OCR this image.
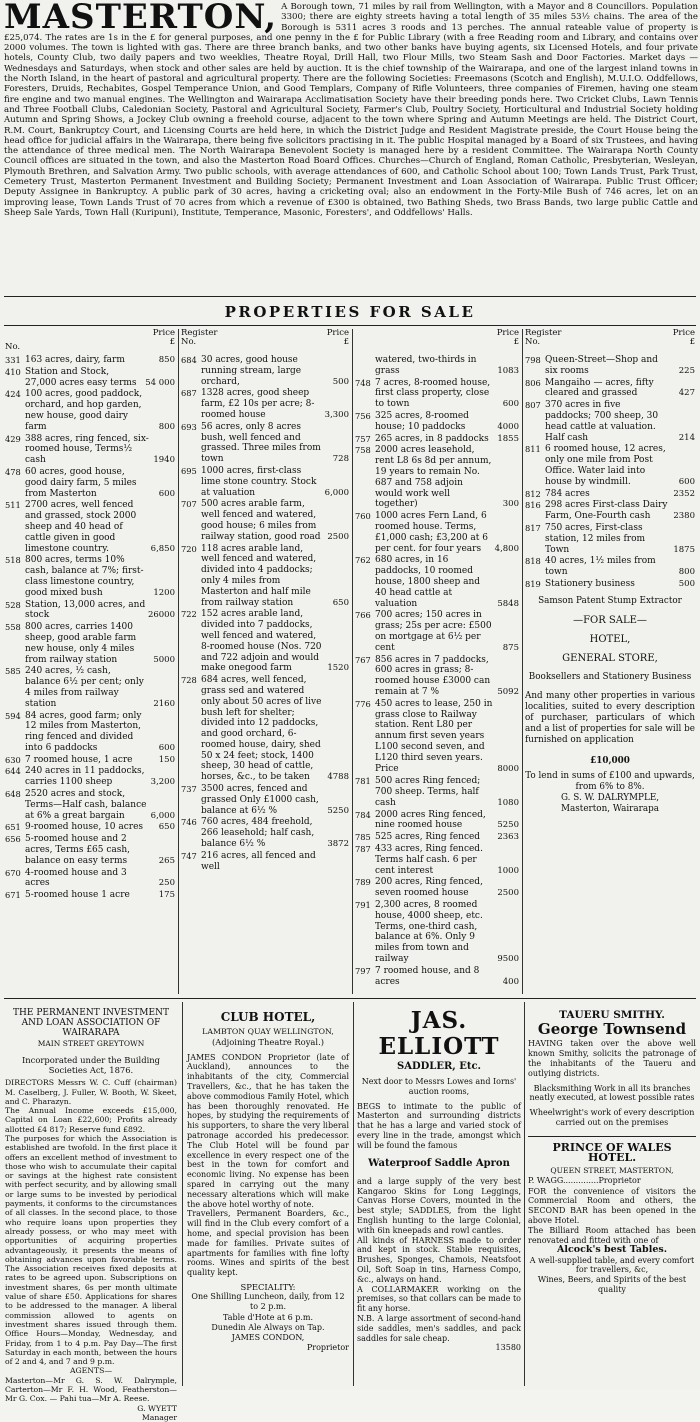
MASTERTON, A Borough town, 71 miles by rail from Wellington, with a Mayor and 8 Councillors. Population 3300; there are eighty streets having a total length of 35 miles 53½ chains. The area of the Borough is 5311 acres 3 roods and 13 perches. The annual rateable value of property is £25,074. The rates are 1s in the £ for general purposes, and one penny in the £ for Public Library (with a free Reading room and Library, and contains over 2000 volumes. The town is lighted with gas. There are three branch banks, and two other banks have buying agents, six Licensed Hotels, and four private hotels, County Club, two daily papers and two weeklies, Theatre Royal, Drill Hall, two Flour Mills, two Steam Sash and Door Factories. Market days — Wednesdays and Saturdays, when stock and other sales are held by auction. It is the chief township of the Wairarapa, and one of the largest inland towns in the North Island, in the heart of pastoral and agricultural property. There are the following Societies: Freemasons (Scotch and English), M.U.I.O. Oddfellows, Foresters, Druids, Rechabites, Gospel Temperance Union, and Good Templars, Company of Rifle Volunteers, three companies of Firemen, having one steam fire engine and two manual engines. The Wellington and Wairarapa Acclimatisation Society have their breeding ponds here. Two Cricket Clubs, Lawn Tennis and Three Football Clubs, Caledonian Society, Pastoral and Agricultural Society, Farmer's Club, Poultry Society, Horticultural and Industrial Society holding Autumn and Spring Shows, a Jockey Club owning a freehold course, adjacent to the town where Spring and Autumn Meetings are held. The District Court, R.M. Court, Bankruptcy Court, and Licensing Courts are held here, in which the District Judge and Resident Magistrate preside, the Court House being the head office for judicial affairs in the Wairarapa, there being five solicitors practising in it. The public Hospital managed by a Board of six Trustees, and having the attendance of three medical men. The North Wairarapa Benevolent Society is managed here by a resident Committee. The Wairarapa North County Council offices are situated in the town, and also the Masterton Road Board Offices. Churches—Church of England, Roman Catholic, Presbyterian, Wesleyan, Plymouth Brethren, and Salvation Army. Two public schools, with average attendances of 600, and Catholic School about 100; Town Lands Trust, Park Trust, Cemetery Trust, Masterton Permanent Investment and Building Society; Permanent Investment and Loan Association of Wairarapa. Public Trust Officer; Deputy Assignee in Bankruptcy. A public park of 30 acres, having a cricketing oval; also an endowment in the Forty-Mile Bush of 746 acres, let on an improving lease, Town Lands Trust of 70 acres from which a revenue of £300 is obtained, two Bathing Sheds, two Brass Bands, two large public Cattle and Sheep Sale Yards, Town Hall (Kuripuni), Institute, Temperance, Masonic, Foresters', and Oddfellows' Halls.
PROPERTIES FOR SALE
No.
Price
£
331 163 acres, dairy, farm	850
410 Station and Stock, 27,000 acres easy terms	54 000
424 100 acres, good paddock, orchard, and hop garden, new house, good dairy farm	800
429 388 acres, ring fenced, six-roomed house, Terms½ cash	1940
478 60 acres, good house, good dairy farm, 5 miles from Masterton	600
511 2700 acres, well fenced and grassed, stock 2000 sheep and 40 head of cattle given in good limestone country.	6,850
518 800 acres, terms 10% cash, balance at 7%; first-class limestone country, good mixed bush	1200
528 Station, 13,000 acres, and stock	26000
558 800 acres, carries 1400 sheep, good arable farm new house, only 4 miles from railway station	5000
585 240 acres, ½ cash, balance 6½ per cent; only 4 miles from railway station	2160
594 84 acres, good farm; only 12 miles from Masterton, ring fenced and divided into 6 paddocks	600
630 7 roomed house, 1 acre	150
644 240 acres in 11 paddocks, carries 1100 sheep	3,200
648 2520 acres and stock, Terms—Half cash, balance at 6% a great bargain	6,000
651 9-roomed house, 10 acres	650
656 5-roomed house and 2 acres, Terms £65 cash, balance on easy terms	265
670 4-roomed house and 3 acres	250
671 5-roomed house 1 acre	175
Register
No.
Price
£
684 30 acres, good house running stream, large orchard,	500
687 1328 acres, good sheep farm, £2 10s per acre; 8-roomed house	3,300
693 56 acres, only 8 acres bush, well fenced and grassed. Three miles from town	728
695 1000 acres, first-class lime stone country. Stock at valuation	6,000
707 500 acres arable farm, well fenced and watered, good house; 6 miles from railway station, good road 2500
720 118 acres arable land, well fenced and watered, divided into 4 paddocks; only 4 miles from Masterton and half mile from railway station	650
722 152 acres arable land, divided into 7 paddocks, well fenced and watered, 8-roomed house (Nos. 720 and 722 adjoin and would make onegood farm	1520
728 684 acres, well fenced, grass sed and watered only about 50 acres of live bush left for shelter; divided into 12 paddocks, and good orchard, 6-roomed house, dairy, shed 50 x 24 feet; stock, 1400 sheep, 30 head of cattle, horses, &c., to be taken	4788
737 3500 acres, fenced and grassed Only £1000 cash, balance at 6½ %	5250
746 760 acres, 484 freehold, 266 leasehold; half cash, balance 6½ %	3872
747 216 acres, all fenced and well
Price
£
watered, two-thirds in grass	1083
748 7 acres, 8-roomed house, first class property, close to town	600
756 325 acres, 8-roomed house; 10 paddocks	4000
757 265 acres, in 8 paddocks	1855
758 2000 acres leasehold, rent L8 6s 8d per annum, 19 years to remain No. 687 and 758 adjoin would work well together)	300
760 1000 acres Fern Land, 6 roomed house. Terms, £1,000 cash; £3,200 at 6 per cent. for four years	4,800
762 680 acres, in 16 paddocks, 10 roomed house, 1800 sheep and 40 head cattle at valuation	5848
766 700 acres; 150 acres in grass; 25s per acre: £500 on mortgage at 6½ per cent	875
767 856 acres in 7 paddocks, 600 acres in grass; 8-roomed house £3000 can remain at 7 %	5092
776 450 acres to lease, 250 in grass close to Railway station. Rent L80 per annum first seven years L100 second seven, and L120 third seven years.
Price	8000
781 500 acres Ring fenced; 700 sheep. Terms, half cash	1080
784 2000 acres Ring fenced, nine roomed house	5250
785 525 acres, Ring fenced	2363
787 433 acres, Ring fenced. Terms half cash. 6 per cent interest	1000
789 200 acres, Ring fenced, seven roomed house	2500
791 2,300 acres, 8 roomed house, 4000 sheep, etc. Terms, one-third cash, balance at 6%. Only 9 miles from town and railway	9500
797 7 roomed house, and 8 acres	400
Register
No.
Price
£
798 Queen-Street—Shop and six rooms	225
806 Mangaiho — acres, fifty cleared and grassed	427
807 370 acres in five paddocks; 700 sheep, 30 head cattle at valuation. Half cash	214
811 6 roomed house, 12 acres, only one mile from Post Office. Water laid into house by windmill.	600
812 784 acres	2352
816 298 acres First-class Dairy Farm, One-Fourth cash	2380
817 750 acres, First-class station, 12 miles from Town	1875
818 40 acres, 1½ miles from town	800
819 Stationery business	500
Samson Patent Stump Extractor
—FOR SALE—
HOTEL,
GENERAL STORE,
Booksellers and Stationery Business
And many other properties in various localities, suited to every description of purchaser, particulars of which and a list of properties for sale will be furnished on application
£10,000
To lend in sums of £100 and upwards, from 6% to 8%.
G. S. W. DALRYMPLE,
Masterton, Wairarapa
THE PERMANENT INVESTMENT AND LOAN ASSOCIATION OF WAIRARAPA
MAIN STREET GREYTOWN
Incorporated under the Building Societies Act, 1876.
DIRECTORS Messrs W. C. Cuff (chairman) M. Caselberg, J. Fuller, W. Booth, W. Skeet, and C. Pharazyn.
The Annual Income exceeds £15,000, Capital on Loan £22,600; Profits already allotted £4 817; Reserve fund £892.
The purposes for which the Association is established are twofold. In the first place it offers an excellent method of investment to those who wish to accumulate their capital or savings at the highest rate consistent with perfect security, and by allowing small or large sums to be invested by periodical payments, it conforms to the circumstances of all classes. In the second place, to those who require loans upon properties they already possess, or who may meet with opportunities of acquiring properties advantageously, it presents the means of obtaining advances upon favorable terms. The Association receives fixed deposits at rates to be agreed upon. Subscriptions on investment shares, 6s per month ultimate value of share £50. Applications for shares to be addressed to the manager. A liberal commission allowed to agents on investment shares issued through them. Office Hours—Monday, Wednesday, and Friday, from 1 to 4 p.m. Pay Day—The first Saturday in each month, between the hours of 2 and 4, and 7 and 9 p.m.
AGENTS—
Masterton—Mr G. S. W. Dalrymple, Carterton—Mr F. H. Wood, Featherston—Mr G. Cox. — Pahi tua—Mr A. Reese.
G. WYETT
Manager
CLUB HOTEL,
LAMBTON QUAY WELLINGTON,
(Adjoining Theatre Royal.)
JAMES CONDON Proprietor (late of Auckland), announces to the inhabitants of the city, Commercial Travellers, &c., that he has taken the above commodious Family Hotel, which has been thoroughly renovated. He hopes, by studying the requirements of his supporters, to share the very liberal patronage accorded his predecessor. The Club Hotel will be found par excellence in every respect one of the best in the town for comfort and economic living. No expense has been spared in carrying out the many necessary alterations which will make the above hotel worthy of note.
Travellers, Permanent Boarders, &c., will find in the Club every comfort of a home, and special provision has been made for families. Private suites of apartments for families with fine lofty rooms. Wines and spirits of the best quality kept.
SPECIALITY:
One Shilling Luncheon, daily, from 12 to 2 p.m.
Table d'Hote at 6 p.m.
Dunedin Ale Always on Tap.
JAMES CONDON,
Proprietor
JAS. ELLIOTT
SADDLER, Etc.
Next door to Messrs Lowes and Iorns' auction rooms,
BEGS to intimate to the public of Masterton and surrounding districts that he has a large and varied stock of every line in the trade, amongst which will be found the famous
Waterproof Saddle Apron
and a large supply of the very best Kangaroo Skins for Long Leggings, Canvas Horse Covers, mounted in the best style; SADDLES, from the light English hunting to the large Colonial, with 6in kneepads and rowl cantles.
All kinds of HARNESS made to order and kept in stock. Stable requisites, Brushes, Sponges, Chamois, Neatsfoot Oil, Soft Soap in tins, Harness Compo, &c., always on hand.
A COLLARMAKER working on the premises, so that collars can be made to fit any horse.
N.B. A large assortment of second-hand side saddles, men's saddles, and pack saddles for sale cheap.
13580
TAUERU SMITHY.
George Townsend
HAVING taken over the above well known Smithy, solicits the patronage of the inhabitants of the Taueru and outlying districts.
Blacksmithing Work in all its branches neatly executed, at lowest possible rates
Wheelwright's work of every description carried out on the premises
PRINCE OF WALES HOTEL.
QUEEN STREET, MASTERTON,
P. WAGG..............Proprietor
FOR the convenience of visitors the Commercial Room and others, the SECOND BAR has been opened in the above Hotel.
The Billiard Room attached has been renovated and fitted with one of
Alcock's best Tables.
A well-supplied table, and every comfort for travellers, &c,
Wines, Beers, and Spirits of the best quality
